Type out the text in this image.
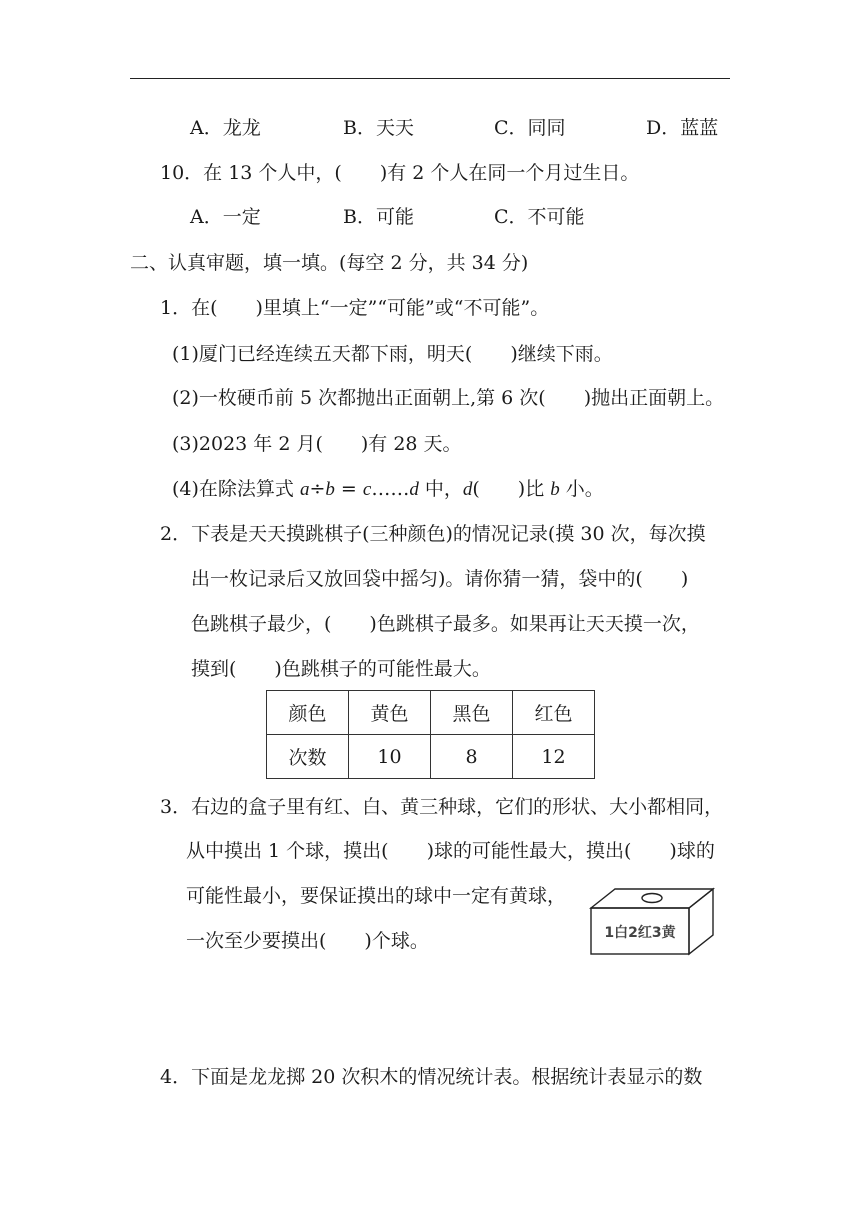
A．龙龙	B．天天	C．同同	D．蓝蓝
10．在 13 个人中，(　　)有 2 个人在同一个月过生日。
A．一定	B．可能	C．不可能
二、认真审题，填一填。(每空 2 分，共 34 分)
1．在(　　)里填上“一定”“可能”或“不可能”。
(1)厦门已经连续五天都下雨，明天(　　)继续下雨。
(2)一枚硬币前 5 次都抛出正面朝上,第 6 次(　　)抛出正面朝上。
(3)2023 年 2 月(　　)有 28 天。
(4)在除法算式 a÷b = c……d 中，d(　　)比 b 小。
2．下表是天天摸跳棋子(三种颜色)的情况记录(摸 30 次，每次摸
出一枚记录后又放回袋中摇匀)。请你猜一猜，袋中的(　　)
色跳棋子最少，(　　)色跳棋子最多。如果再让天天摸一次，
摸到(　　)色跳棋子的可能性最大。
颜色	黄色	黑色	红色
次数	10	8	12
3．右边的盒子里有红、白、黄三种球，它们的形状、大小都相同，
从中摸出 1 个球，摸出(　　)球的可能性最大，摸出(　　)球的
可能性最小，要保证摸出的球中一定有黄球，
一次至少要摸出(　　)个球。	1白2红3黄
4．下面是龙龙掷 20 次积木的情况统计表。根据统计表显示的数
